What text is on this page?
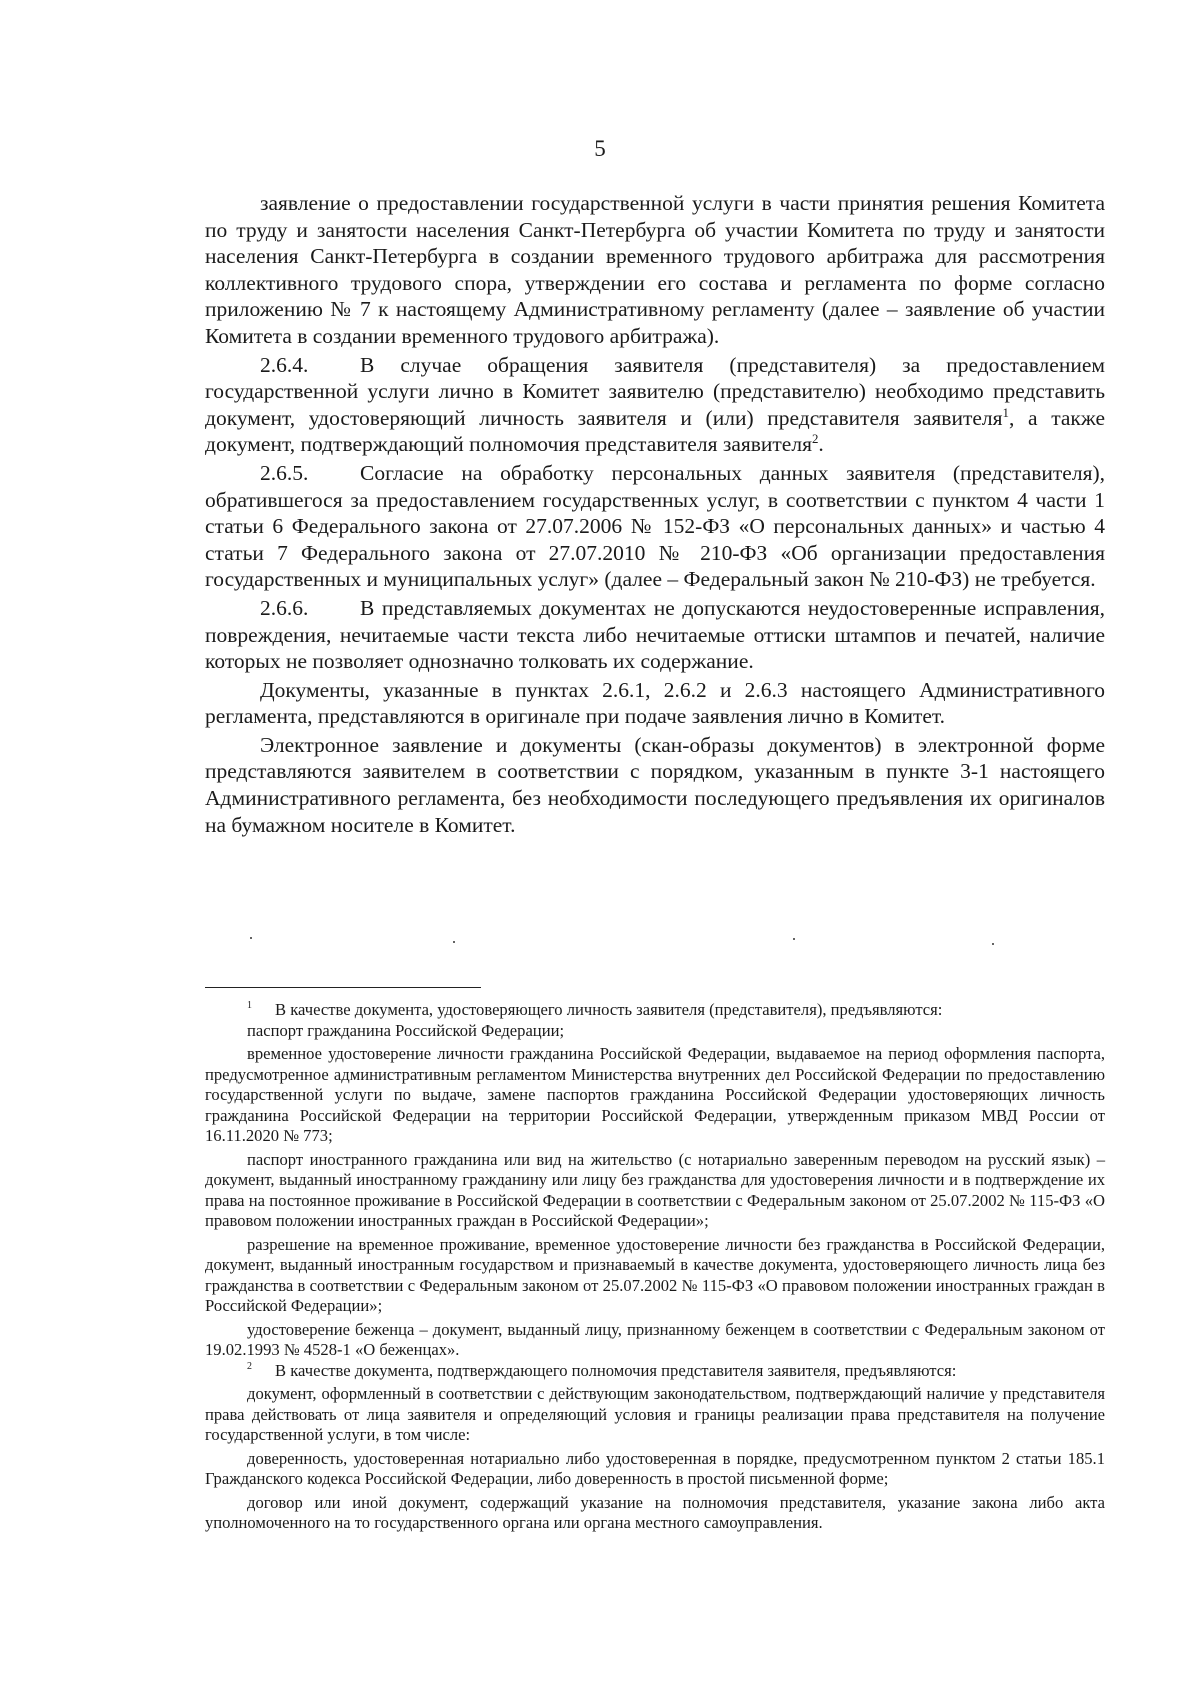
5

заявление о предоставлении государственной услуги в части принятия решения Комитета по труду и занятости населения Санкт-Петербурга об участии Комитета по труду и занятости населения Санкт-Петербурга в создании временного трудового арбитража для рассмотрения коллективного трудового спора, утверждении его состава и регламента по форме согласно приложению № 7 к настоящему Административному регламенту (далее – заявление об участии Комитета в создании временного трудового арбитража).

2.6.4. В случае обращения заявителя (представителя) за предоставлением государственной услуги лично в Комитет заявителю (представителю) необходимо представить документ, удостоверяющий личность заявителя и (или) представителя заявителя$^1$, а также документ, подтверждающий полномочия представителя заявителя$^2$.

2.6.5. Согласие на обработку персональных данных заявителя (представителя), обратившегося за предоставлением государственных услуг, в соответствии с пунктом 4 части 1 статьи 6 Федерального закона от 27.07.2006 № 152-ФЗ «О персональных данных» и частью 4 статьи 7 Федерального закона от 27.07.2010 № 210-ФЗ «Об организации предоставления государственных и муниципальных услуг» (далее – Федеральный закон № 210-ФЗ) не требуется.

2.6.6. В представляемых документах не допускаются неудостоверенные исправления, повреждения, нечитаемые части текста либо нечитаемые оттиски штампов и печатей, наличие которых не позволяет однозначно толковать их содержание.

Документы, указанные в пунктах 2.6.1, 2.6.2 и 2.6.3 настоящего Административного регламента, представляются в оригинале при подаче заявления лично в Комитет.

Электронное заявление и документы (скан-образы документов) в электронной форме представляются заявителем в соответствии с порядком, указанным в пункте 3-1 настоящего Административного регламента, без необходимости последующего предъявления их оригиналов на бумажном носителе в Комитет.

$^1$ В качестве документа, удостоверяющего личность заявителя (представителя), предъявляются:

паспорт гражданина Российской Федерации;

временное удостоверение личности гражданина Российской Федерации, выдаваемое на период оформления паспорта, предусмотренное административным регламентом Министерства внутренних дел Российской Федерации по предоставлению государственной услуги по выдаче, замене паспортов гражданина Российской Федерации удостоверяющих личность гражданина Российской Федерации на территории Российской Федерации, утвержденным приказом МВД России от 16.11.2020 № 773;

паспорт иностранного гражданина или вид на жительство (с нотариально заверенным переводом на русский язык) – документ, выданный иностранному гражданину или лицу без гражданства для удостоверения личности и в подтверждение их права на постоянное проживание в Российской Федерации в соответствии с Федеральным законом от 25.07.2002 № 115-ФЗ «О правовом положении иностранных граждан в Российской Федерации»;

разрешение на временное проживание, временное удостоверение личности без гражданства в Российской Федерации, документ, выданный иностранным государством и признаваемый в качестве документа, удостоверяющего личность лица без гражданства в соответствии с Федеральным законом от 25.07.2002 № 115-ФЗ «О правовом положении иностранных граждан в Российской Федерации»;

удостоверение беженца – документ, выданный лицу, признанному беженцем в соответствии с Федеральным законом от 19.02.1993 № 4528-1 «О беженцах».

$^2$ В качестве документа, подтверждающего полномочия представителя заявителя, предъявляются:

документ, оформленный в соответствии с действующим законодательством, подтверждающий наличие у представителя права действовать от лица заявителя и определяющий условия и границы реализации права представителя на получение государственной услуги, в том числе:

доверенность, удостоверенная нотариально либо удостоверенная в порядке, предусмотренном пунктом 2 статьи 185.1 Гражданского кодекса Российской Федерации, либо доверенность в простой письменной форме;

договор или иной документ, содержащий указание на полномочия представителя, указание закона либо акта уполномоченного на то государственного органа или органа местного самоуправления.
